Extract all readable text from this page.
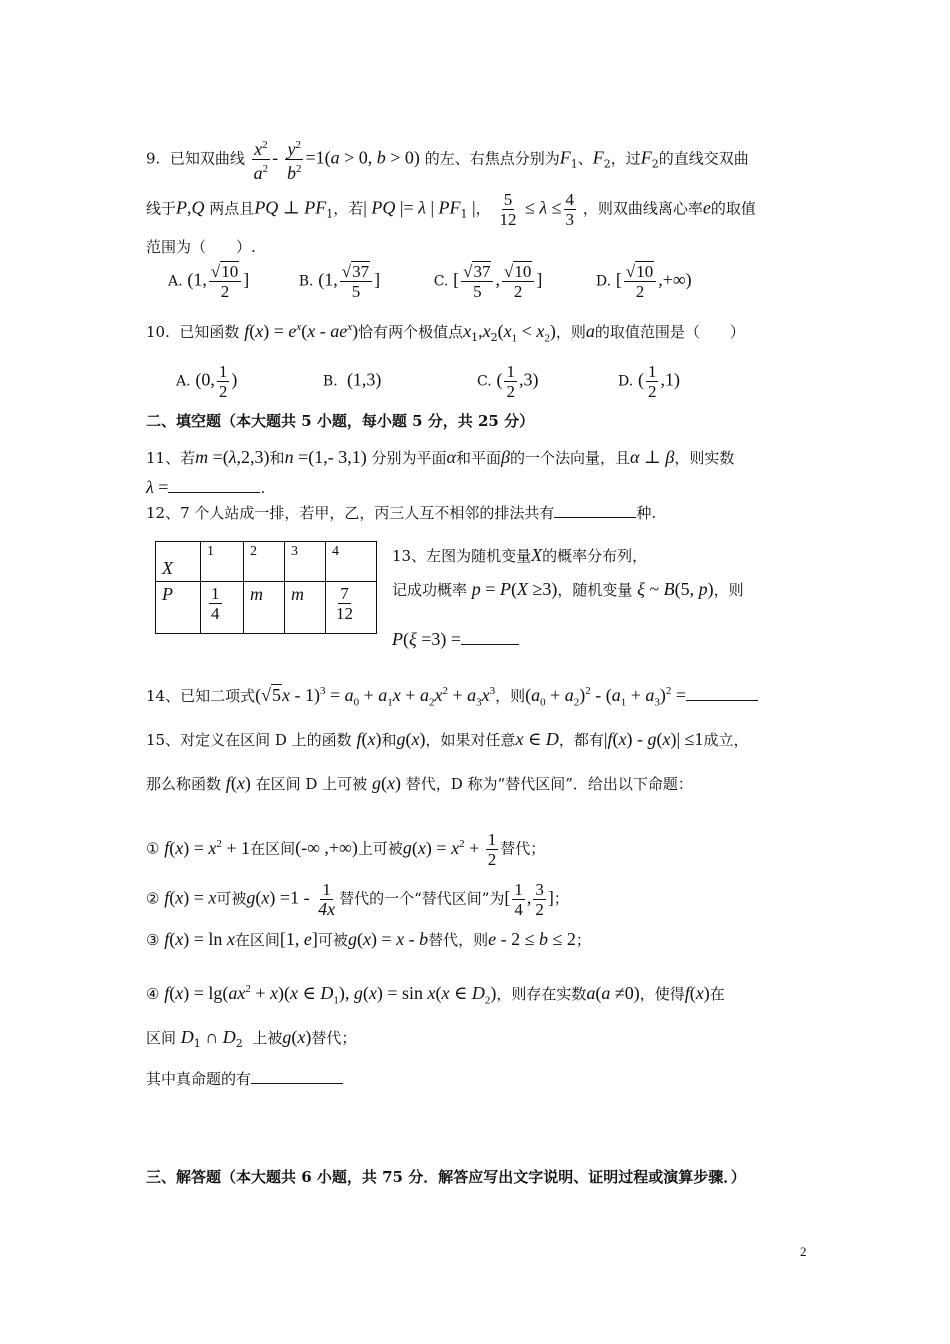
9. 已知双曲线 $\frac{x^2}{a^2} - \frac{y^2}{b^2} =1(a > 0$, b > 0) 的左、右焦点分别为$F_1$、$F_2$，过$F_2$的直线交双曲
线于P,Q 两点且PQ ⊥ $PF_1$，若| PQ |= λ | $PF_1$ |， $\frac{5}{12} \le \lambda \le \frac{4}{3}$ ，则双曲线离心率e的取值
范围为（　　）.
A. (1, $\frac{√10}{2}$ ]	B. (1, $\frac{√37}{5}$ ]	C. [ $\frac{√37}{5}$ , $\frac{√10}{2}$ ]	D. [ $\frac{√10}{2}$ ,+∞)
10. 已知函数 $f(x) = e^x(x - ae^x)$恰有两个极值点$x_1,x_2(x_1 < x_2)$，则a的取值范围是（　　）
A. (0, $\frac{1}{2}$ )	B.  (1,3)	C. ( $\frac{1}{2} ,3$)	D. ( $\frac{1}{2} ,1$)
二、填空题（本大题共 5 小题，每小题 5 分，共 25 分）
11、若m =(λ,2,3)和n =(1,- 3,1) 分别为平面α和平面β的一个法向量，且α ⊥ β，则实数
λ =	.
12、7 个人站成一排，若甲，乙，丙三人互不相邻的排法共有	种.
X	1	2	3	4
P	$\frac{1}{4}$	m	m	$\frac{7}{12}$
13、左图为随机变量X的概率分布列，
记成功概率 p = P(X ≥3)，随机变量 ξ ~ B(5, p)，则
P(ξ =3) =
14、已知二项式$(√5x - 1)^3 = a_0 + a_1x + a_2x^2 + a_3x^3$，则$(a_0 + a_2)^2 - (a_1 + a_3)^2$ =
15、对定义在区间 D 上的函数 f(x)和g(x)，如果对任意x ∈ D，都有|f(x) - g(x)| ≤1成立，
那么称函数 f(x) 在区间 D 上可被 g(x) 替代，D 称为“替代区间”．给出以下命题：
① $f(x) = x^2 + 1$在区间(-∞ ,+∞)上可被$g(x) = x^2 + \frac{1}{2}$ 替代；
② f(x) = x可被$g(x) =1 - \frac{1}{4x}$ 替代的一个“替代区间”为[ $\frac{1}{4}$ , $\frac{3}{2}$ ]；
③ f(x) = ln x在区间[1, e]可被g(x) = x - b替代，则e - 2 ≤ b ≤ 2；
④ $f(x) = \lg(ax^2 + x)(x$ ∈ $D_1$), g(x) = sin x(x ∈ $D_2$)，则存在实数a(a ≠0)，使得f(x)在
区间 $D_1$ ∩ $D_2$ 上被g(x)替代；
其中真命题的有
三、解答题（本大题共 6 小题，共 75 分．解答应写出文字说明、证明过程或演算步骤．）
2
